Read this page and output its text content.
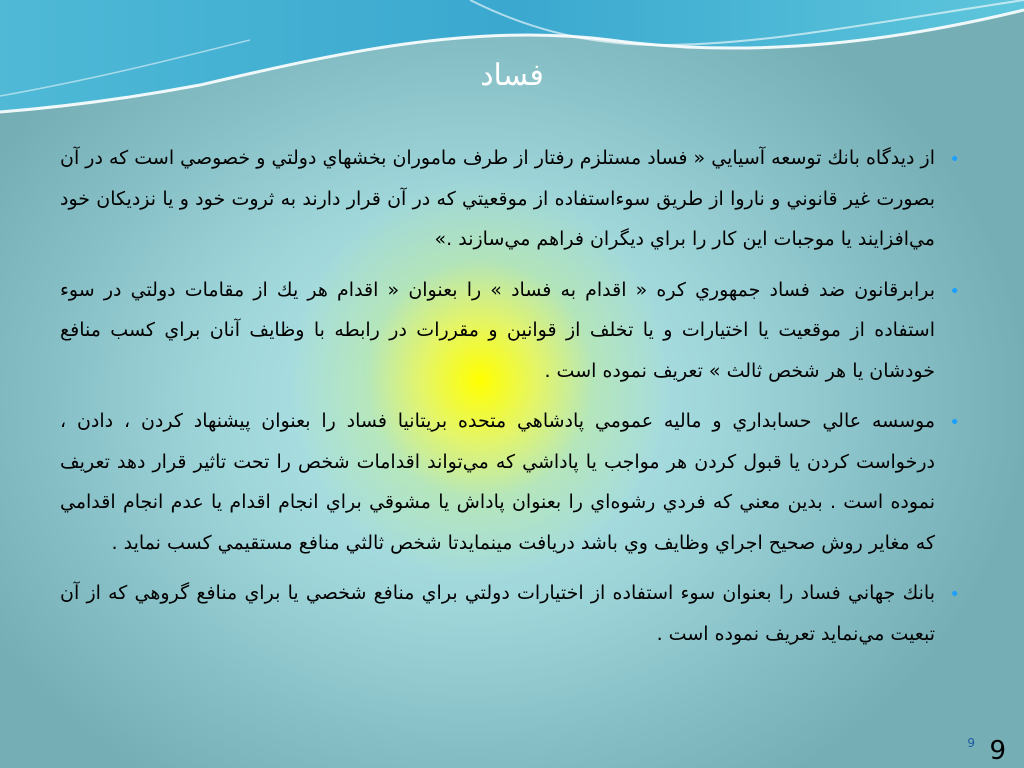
فساد

•
از ديدگاه بانك توسعه آسيايي « فساد مستلزم رفتار از طرف ماموران بخشهاي دولتي و خصوصي است كه در آن بصورت غير قانوني و ناروا از طريق سوءاستفاده از موقعيتي كه در آن قرار دارند به ثروت خود و يا نزديكان خود مي‌افزايند يا موجبات اين كار را براي ديگران فراهم مي‌سازند .»

•
برابرقانون ضد فساد جمهوري كره « اقدام به فساد » را بعنوان « اقدام هر يك از مقامات دولتي در سوء استفاده از موقعيت يا اختيارات و يا تخلف از قوانين و مقررات در رابطه با وظايف آنان براي كسب منافع خودشان يا هر شخص ثالث » تعريف نموده است .

•
موسسه عالي حسابداري و ماليه عمومي پادشاهي متحده بريتانيا فساد را بعنوان پيشنهاد كردن ، دادن ، درخواست كردن يا قبول كردن هر مواجب يا پاداشي كه مي‌تواند اقدامات شخص را تحت تاثير قرار دهد تعريف نموده است . بدين معني كه فردي رشوه‌اي را بعنوان پاداش يا مشوقي براي انجام اقدام يا عدم انجام اقدامي كه مغاير روش صحيح اجراي وظايف وي باشد دريافت مينمايدتا شخص ثالثي منافع مستقيمي كسب نمايد .

•
بانك جهاني فساد را بعنوان سوء استفاده از اختيارات دولتي براي منافع شخصي يا براي منافع گروهي كه از آن تبعيت مي‌نمايد تعريف نموده است .

9 9
